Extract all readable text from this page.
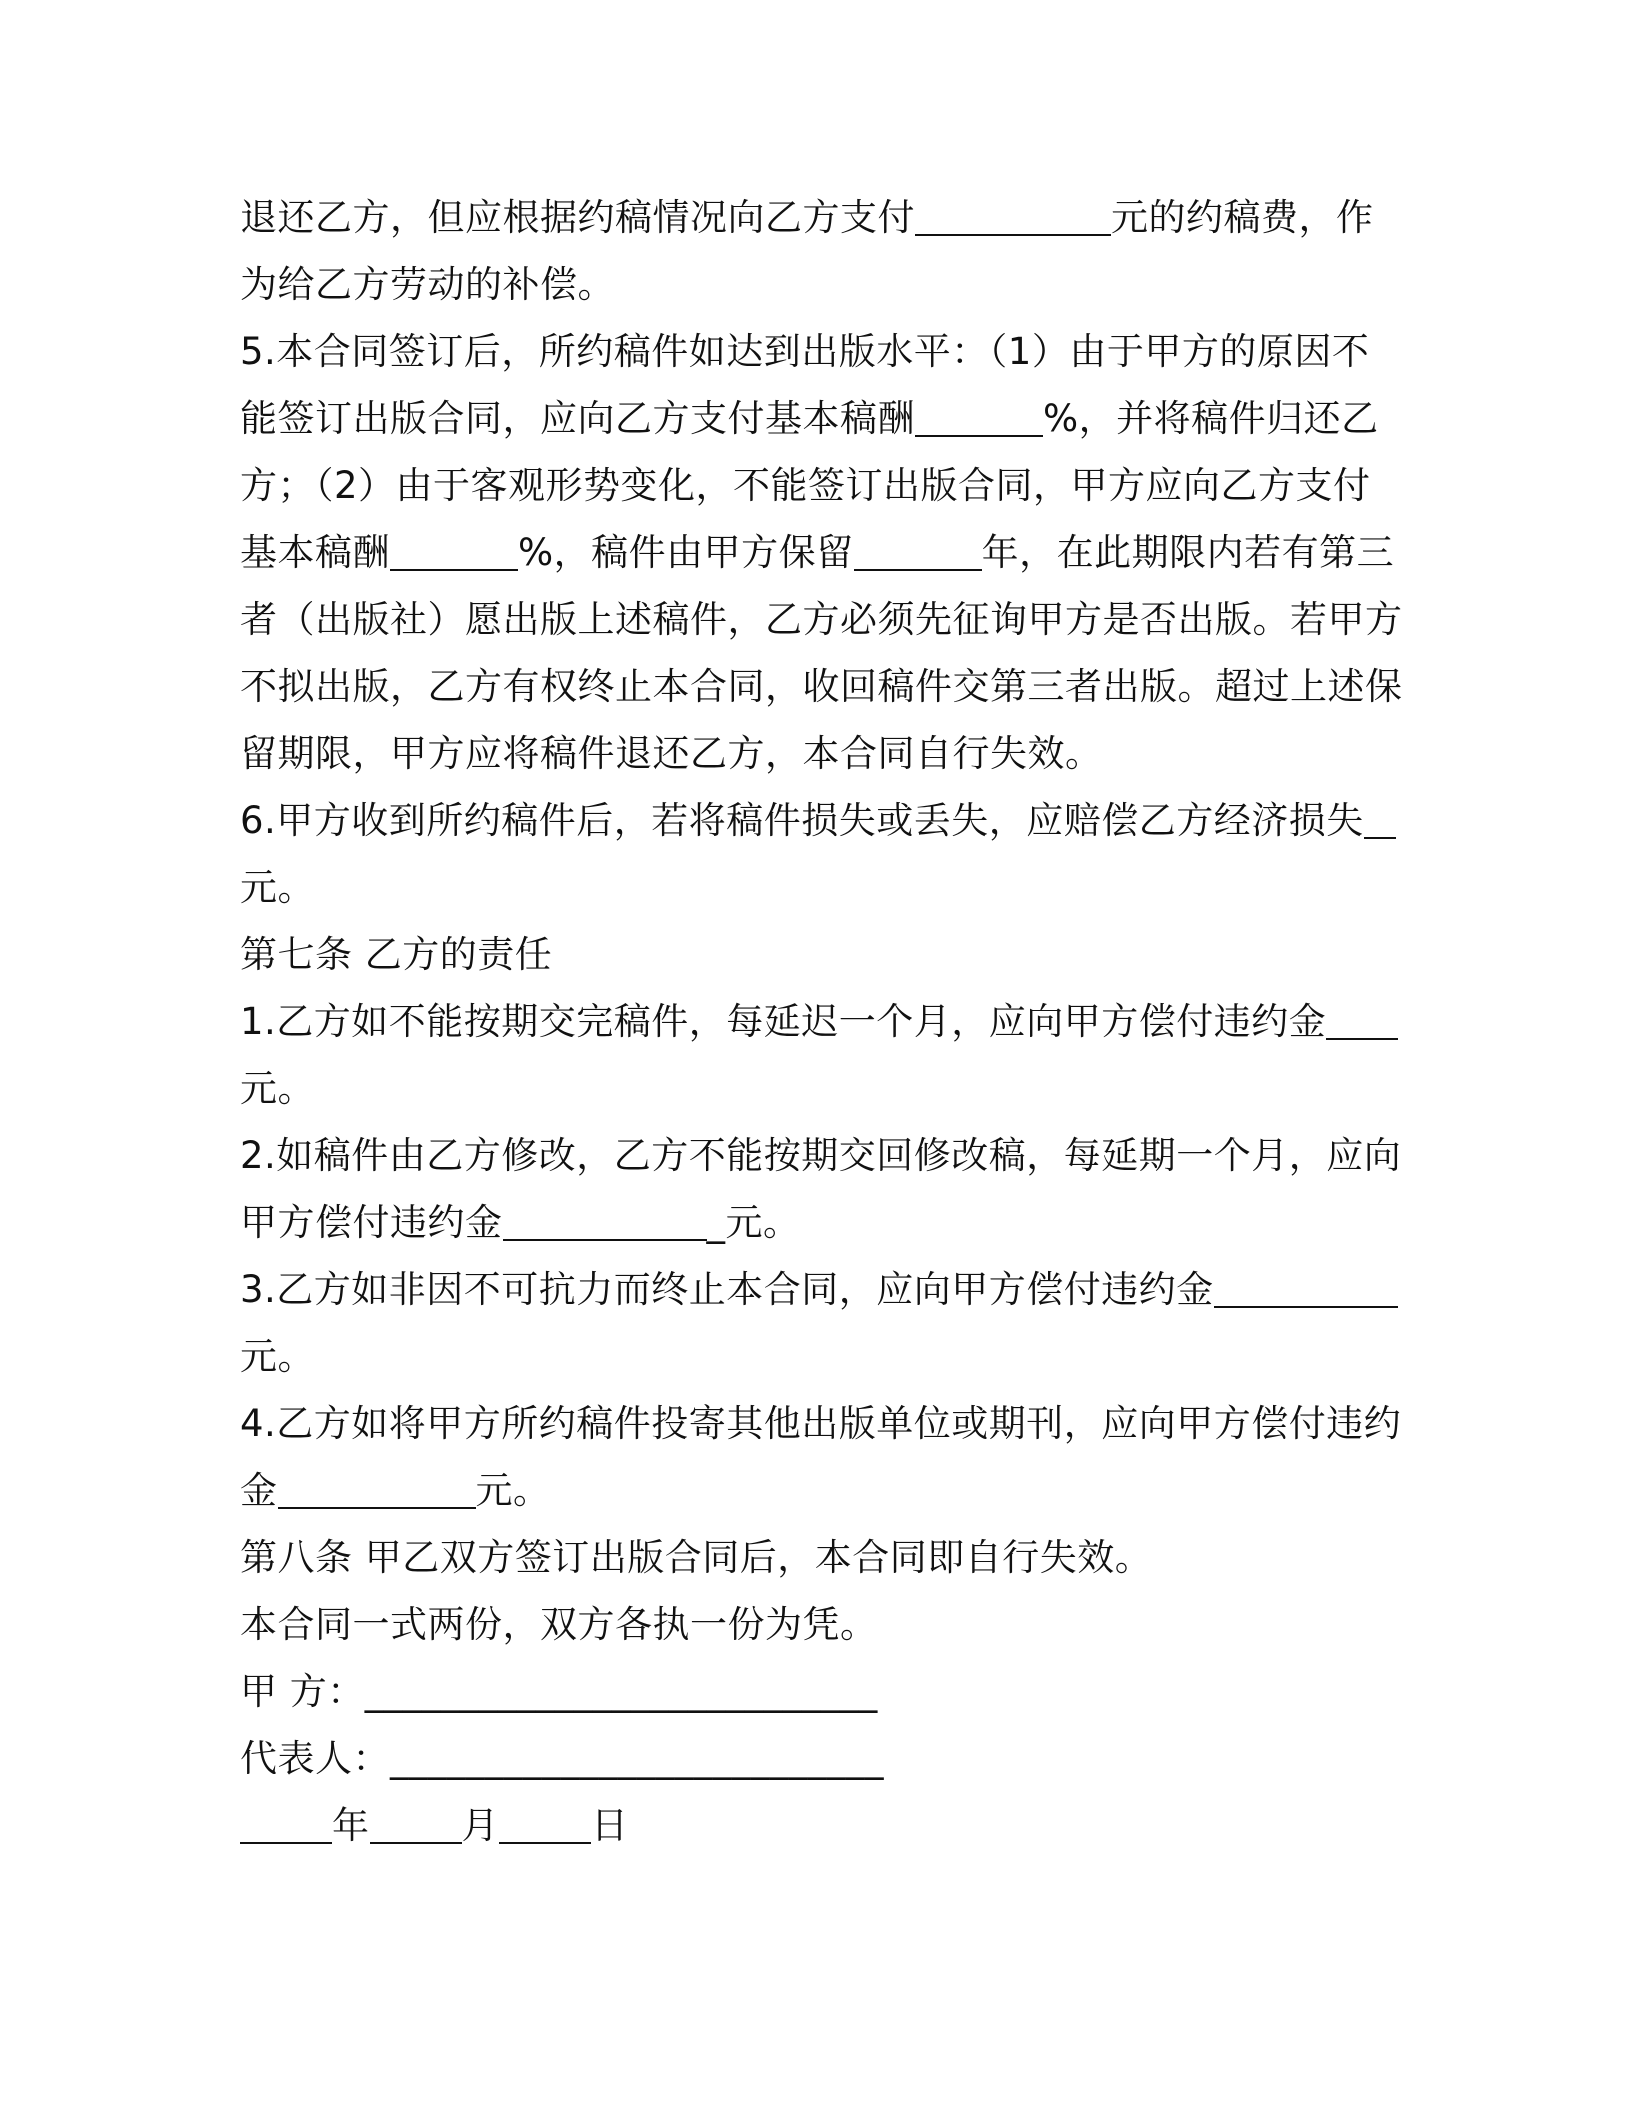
退还乙方，但应根据约稿情况向乙方支付	元的约稿费，作
为给乙方劳动的补偿。
5.本合同签订后，所约稿件如达到出版水平：（1）由于甲方的原因不
能签订出版合同，应向乙方支付基本稿酬	%，并将稿件归还乙
方；（2）由于客观形势变化，不能签订出版合同，甲方应向乙方支付
基本稿酬	%，稿件由甲方保留	年，在此期限内若有第三
者（出版社）愿出版上述稿件，乙方必须先征询甲方是否出版。若甲方
不拟出版，乙方有权终止本合同，收回稿件交第三者出版。超过上述保
留期限，甲方应将稿件退还乙方，本合同自行失效。
6.甲方收到所约稿件后，若将稿件损失或丢失，应赔偿乙方经济损失
元。
第七条 乙方的责任
1.乙方如不能按期交完稿件，每延迟一个月，应向甲方偿付违约金
元。
2.如稿件由乙方修改，乙方不能按期交回修改稿，每延期一个月，应向
甲方偿付违约金	_元。
3.乙方如非因不可抗力而终止本合同，应向甲方偿付违约金
元。
4.乙方如将甲方所约稿件投寄其他出版单位或期刊，应向甲方偿付违约
金	元。
第八条 甲乙双方签订出版合同后，本合同即自行失效。
本合同一式两份，双方各执一份为凭。
甲 方：___________________________
代表人：__________________________
年 月 日
